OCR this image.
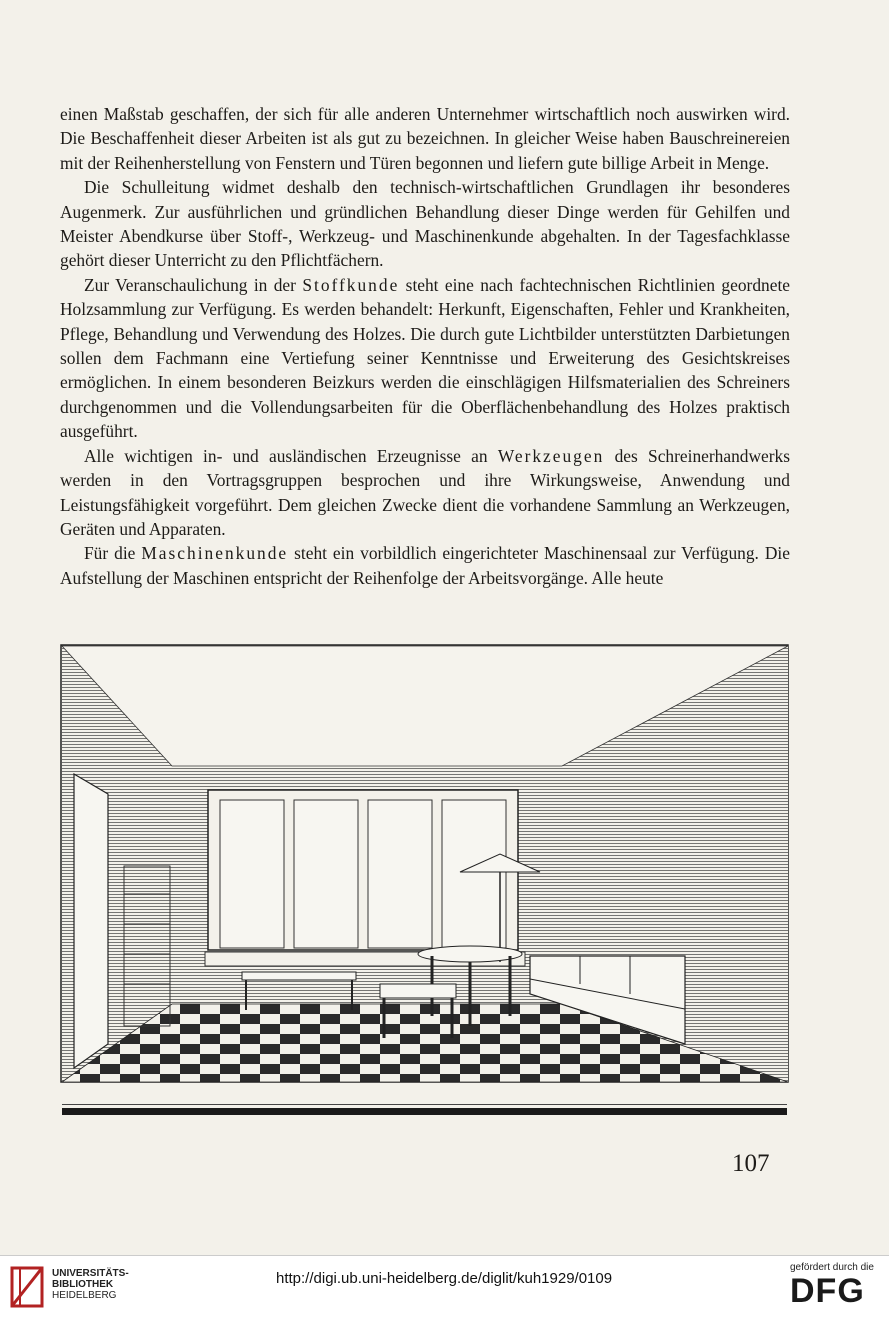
einen Maßstab geschaffen, der sich für alle anderen Unternehmer wirtschaftlich noch auswirken wird. Die Beschaffenheit dieser Arbeiten ist als gut zu bezeichnen. In gleicher Weise haben Bauschreinereien mit der Reihenherstellung von Fenstern und Türen begonnen und liefern gute billige Arbeit in Menge.

Die Schulleitung widmet deshalb den technisch-wirtschaftlichen Grundlagen ihr besonderes Augenmerk. Zur ausführlichen und gründlichen Behandlung dieser Dinge werden für Gehilfen und Meister Abendkurse über Stoff-, Werkzeug- und Maschinenkunde abgehalten. In der Tagesfachklasse gehört dieser Unterricht zu den Pflichtfächern.

Zur Veranschaulichung in der Stoffkunde steht eine nach fachtechnischen Richtlinien geordnete Holzsammlung zur Verfügung. Es werden behandelt: Herkunft, Eigenschaften, Fehler und Krankheiten, Pflege, Behandlung und Verwendung des Holzes. Die durch gute Lichtbilder unterstützten Darbietungen sollen dem Fachmann eine Vertiefung seiner Kenntnisse und Erweiterung des Gesichtskreises ermöglichen. In einem besonderen Beizkurs werden die einschlägigen Hilfsmaterialien des Schreiners durchgenommen und die Vollendungsarbeiten für die Oberflächenbehandlung des Holzes praktisch ausgeführt.

Alle wichtigen in- und ausländischen Erzeugnisse an Werkzeugen des Schreinerhandwerks werden in den Vortragsgruppen besprochen und ihre Wirkungsweise, Anwendung und Leistungsfähigkeit vorgeführt. Dem gleichen Zwecke dient die vorhandene Sammlung an Werkzeugen, Geräten und Apparaten.

Für die Maschinenkunde steht ein vorbildlich eingerichteter Maschinensaal zur Verfügung. Die Aufstellung der Maschinen entspricht der Reihenfolge der Arbeitsvorgänge. Alle heute

107
UNIVERSITÄTS-
BIBLIOTHEK
HEIDELBERG
http://digi.ub.uni-heidelberg.de/diglit/kuh1929/0109
gefördert durch die
DFG
